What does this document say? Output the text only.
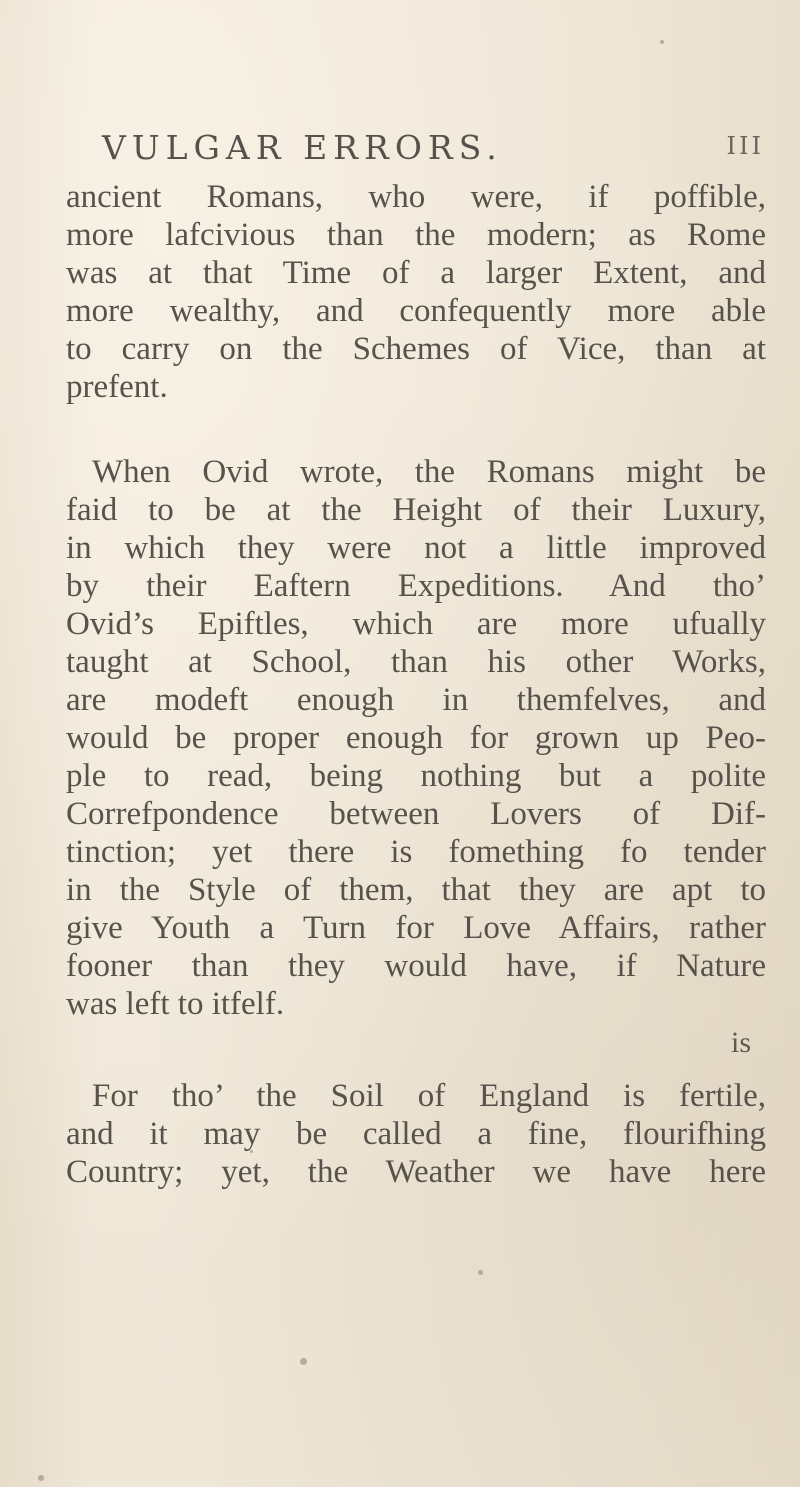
VULGAR ERRORS.	III

ancient Romans, who were, if poffible,
more lafcivious than the modern; as Rome
was at that Time of a larger Extent, and
more wealthy, and confequently more able
to carry on the Schemes of Vice, than at
prefent.

When Ovid wrote, the Romans might be
faid to be at the Height of their Luxury,
in which they were not a little improved
by their Eaftern Expeditions. And tho’
Ovid’s Epiftles, which are more ufually
taught at School, than his other Works,
are modeft enough in themfelves, and
would be proper enough for grown up Peo-
ple to read, being nothing but a polite
Correfpondence between Lovers of Dif-
tinction; yet there is fomething fo tender
in the Style of them, that they are apt to
give Youth a Turn for Love Affairs, rather
fooner than they would have, if Nature
was left to itfelf.

For tho’ the Soil of England is fertile,
and it may be called a fine, flourifhing
Country; yet, the Weather we have here

is
